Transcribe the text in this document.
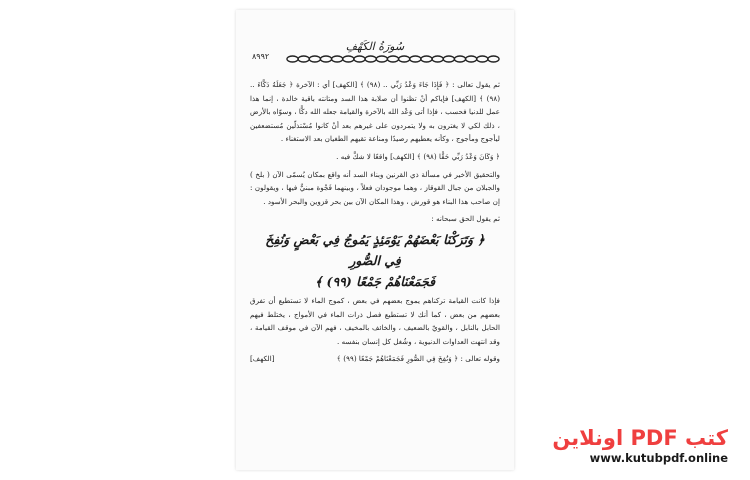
سُورَةُ الكَهْفِ
٨٩٩٢

ثم يقول تعالى : ﴿ فَإِذَا جَاءَ وَعْدُ رَبِّي .. (٩٨) ﴾ [الكهف] أي : الآخرة ﴿ جَعَلَهُ دَكَّاءَ .. (٩٨) ﴾ [الكهف] فإياكم أنْ تظنوا أن صلابة هذا السد ومتانته باقية خالدة ، إنما هذا عمل للدنيا فحسب ، فإذا أتى وَعْد الله بالآخرة والقيامة جعله الله دكًّا ، وسوّاه بالأرض ، ذلك لكي لا يغترون به ولا يتمردون على غيرهم بعد أنْ كانوا مُسْتذلّين مُستضعفين ليأجوج ومأجوج ، وكأنه يعطيهم رصيدًا ومناعة تقيهم الطغيان بعد الاستغناء .

﴿ وَكَانَ وَعْدُ رَبِّي حَقًّا (٩٨) ﴾ [الكهف] واقعًا لا شكَّ فيه .

والتحقيق الأخير في مسألة ذي القرنين وبناء السد أنه واقع بمكان يُسمّى الآن ( بلخ ) والجبلان من جبال القوقاز ، وهما موجودان فعلاً ، وبينهما فَجْوة مبنيٌّ فيها ، ويقولون : إن صاحب هذا البناء هو قورش ، وهذا المكان الآن بين بحر قزوين والبحر الأسود .

ثم يقول الحق سبحانه :

﴿ وَتَرَكْنَا بَعْضَهُمْ يَوْمَئِذٍ يَمُوجُ فِي بَعْضٍ وَنُفِخَ فِي الصُّورِ
فَجَمَعْنَاهُمْ جَمْعًا (٩٩) ﴾

فإذا كانت القيامة تركناهم يموج بعضهم في بعض ، كموج الماء لا تستطيع أن تفرق بعضهم من بعض ، كما أنك لا تستطيع فصل ذرات الماء في الأمواج ، يختلط فيهم الحابل بالنابل ، والقويّ بالضعيف ، والخائف بالمخيف ، فهم الآن في موقف القيامة ، وقد انتهت العداوات الدنيوية ، وشُغل كل إنسان بنفسه .

وقوله تعالى : ﴿ وَنُفِخَ فِي الصُّورِ فَجَمَعْنَاهُمْ جَمْعًا (٩٩) ﴾
[الكهف]
كتب PDF اونلاين
www.kutubpdf.online
